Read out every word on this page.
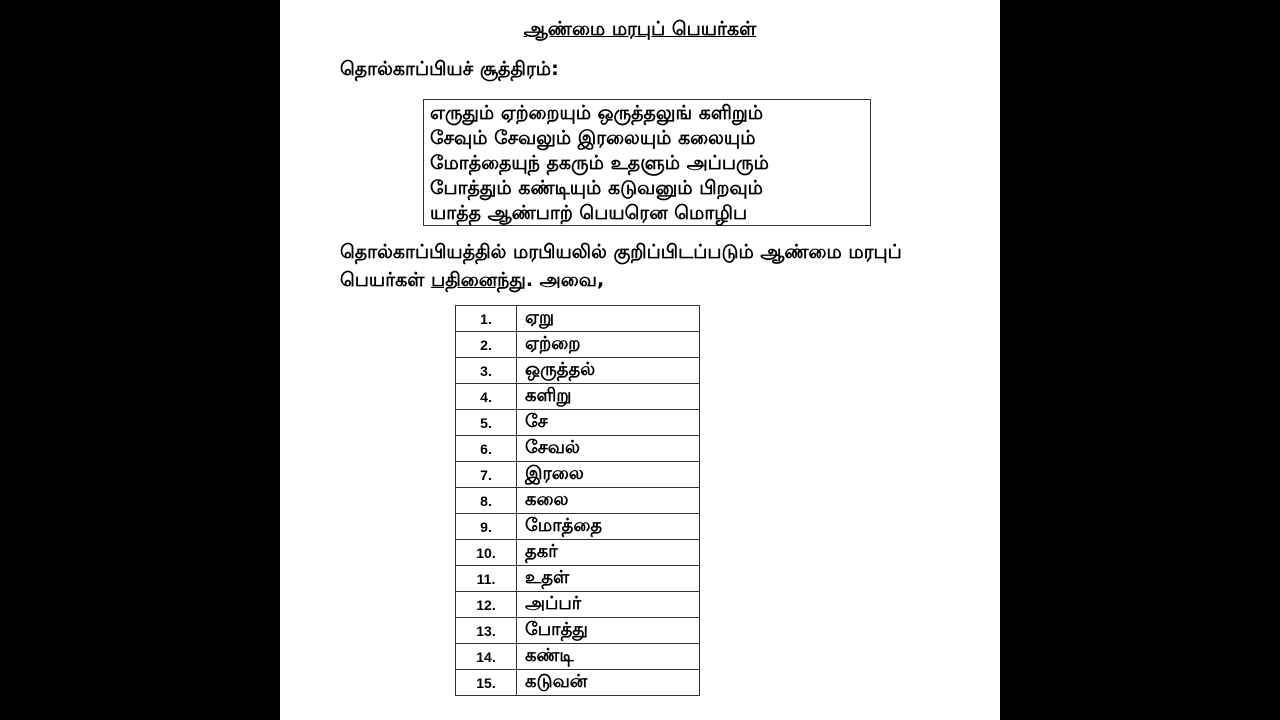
ஆண்மை மரபுப் பெயர்கள்
தொல்காப்பியச் சூத்திரம்:
எருதும் ஏற்றையும் ஒருத்தலுங் களிறும்
சேவும் சேவலும் இரலையும் கலையும்
மோத்தையுந் தகரும் உதளும் அப்பரும்
போத்தும் கண்டியும் கடுவனும் பிறவும்
யாத்த ஆண்பாற் பெயரென மொழிப
தொல்காப்பியத்தில் மரபியலில் குறிப்பிடப்படும் ஆண்மை மரபுப் பெயர்கள் பதினைந்து. அவை,
1.	ஏறு
2.	ஏற்றை
3.	ஒருத்தல்
4.	களிறு
5.	சே
6.	சேவல்
7.	இரலை
8.	கலை
9.	மோத்தை
10.	தகர்
11.	உதள்
12.	அப்பர்
13.	போத்து
14.	கண்டி
15.	கடுவன்
